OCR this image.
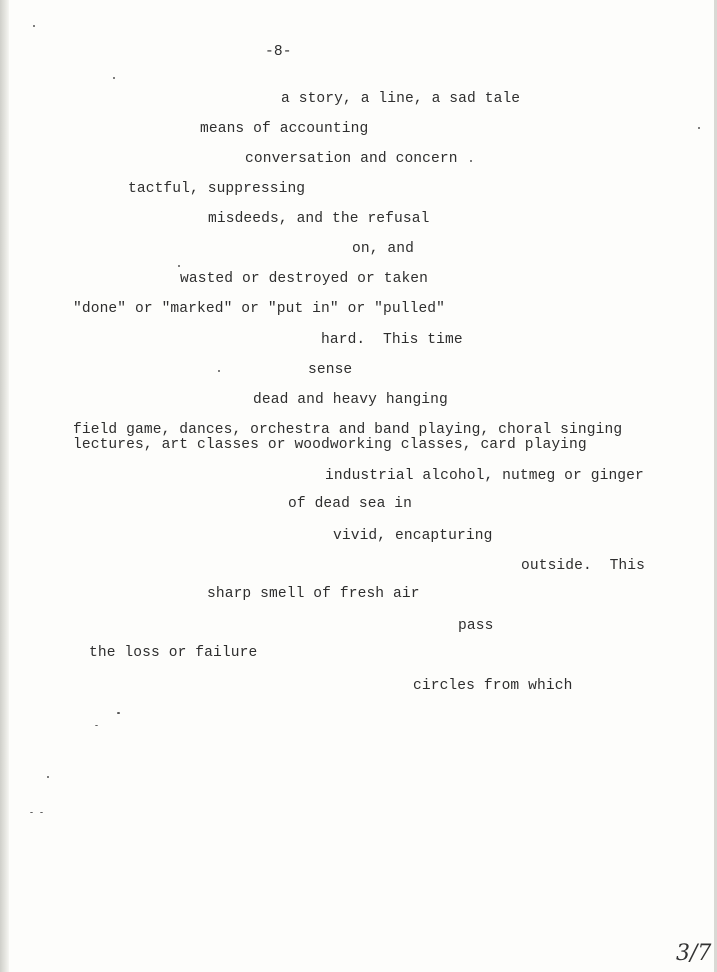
-8-
a story, a line, a sad tale
means of accounting
conversation and concern
tactful, suppressing
misdeeds, and the refusal
on, and
wasted or destroyed or taken
"done" or "marked" or "put in" or "pulled"
hard.  This time
sense
dead and heavy hanging
field game, dances, orchestra and band playing, choral singing
lectures, art classes or woodworking classes, card playing
industrial alcohol, nutmeg or ginger
of dead sea in
vivid, encapturing
outside.  This
sharp smell of fresh air
pass
the loss or failure
circles from which
3/7
